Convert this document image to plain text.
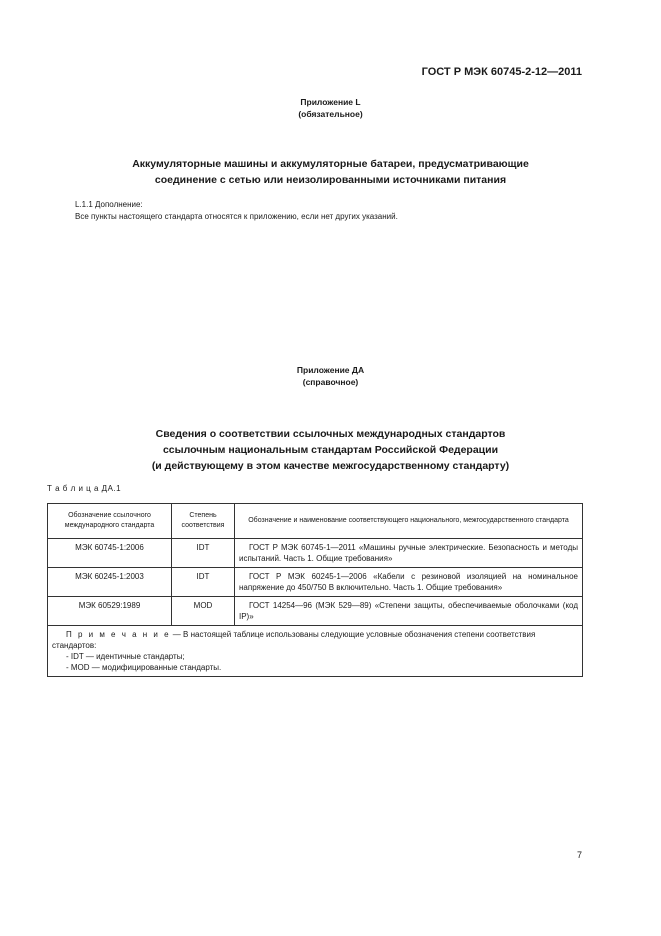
ГОСТ Р МЭК 60745-2-12—2011
Приложение L
(обязательное)
Аккумуляторные машины и аккумуляторные батареи, предусматривающие
соединение с сетью или неизолированными источниками питания
L.1.1 Дополнение:
Все пункты настоящего стандарта относятся к приложению, если нет других указаний.
Приложение ДА
(справочное)
Сведения о соответствии ссылочных международных стандартов
ссылочным национальным стандартам Российской Федерации
(и действующему в этом качестве межгосударственному стандарту)
Т а б л и ц а ДА.1
Обозначение ссылочного международного стандарта	Степень соответствия	Обозначение и наименование соответствующего национального, межгосударственного стандарта
МЭК 60745-1:2006	IDT	ГОСТ Р МЭК 60745-1—2011 «Машины ручные электрические. Безопасность и методы испытаний. Часть 1. Общие требования»
МЭК 60245-1:2003	IDT	ГОСТ Р МЭК 60245-1—2006 «Кабели с резиновой изоляцией на номинальное напряжение до 450/750 В включительно. Часть 1. Общие требования»
МЭК 60529:1989	MOD	ГОСТ 14254—96 (МЭК 529—89) «Степени защиты, обеспечиваемые оболочками (код IP)»

П р и м е ч а н и е — В настоящей таблице использованы следующие условные обозначения степени соответствия стандартов:
- IDT — идентичные стандарты;
- MOD — модифицированные стандарты.		
7
